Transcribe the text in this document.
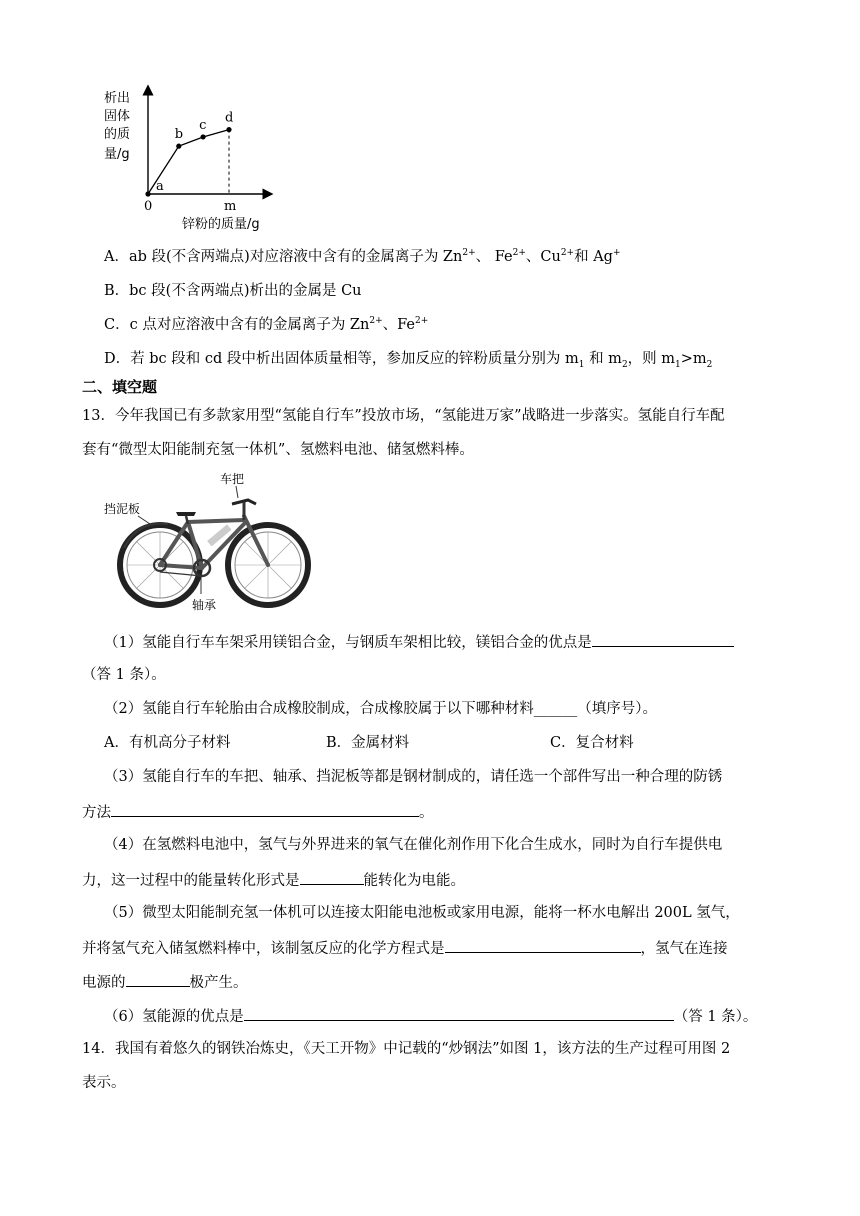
析出
固体
的质
量/g
a
b
c d
0	m
锌粉的质量/g
A．ab 段(不含两端点)对应溶液中含有的金属离子为 $Zn^{2+}$、 $Fe^{2+}$、$Cu^{2+}$和 Ag+
B．bc 段(不含两端点)析出的金属是 Cu
C．c 点对应溶液中含有的金属离子为 $Zn^{2+}$、$Fe^{2+}$
D．若 bc 段和 cd 段中析出固体质量相等，参加反应的锌粉质量分别为 $m_1$ 和 $m_2$，则 $m_1>m_2$
二、填空题
13．今年我国已有多款家用型“氢能自行车”投放市场，“氢能进万家”战略进一步落实。氢能自行车配
套有“微型太阳能制充氢一体机”、氢燃料电池、储氢燃料棒。
车把
挡泥板
轴承
（1）氢能自行车车架采用镁铝合金，与钢质车架相比较，镁铝合金的优点是
（答 1 条）。
（2）氢能自行车轮胎由合成橡胶制成，合成橡胶属于以下哪种材料______（填序号）。
A．有机高分子材料	B．金属材料	C．复合材料
（3）氢能自行车的车把、轴承、挡泥板等都是钢材制成的，请任选一个部件写出一种合理的防锈
方法	。
（4）在氢燃料电池中，氢气与外界进来的氧气在催化剂作用下化合生成水，同时为自行车提供电
力，这一过程中的能量转化形式是	能转化为电能。
（5）微型太阳能制充氢一体机可以连接太阳能电池板或家用电源，能将一杯水电解出 200L 氢气，
并将氢气充入储氢燃料棒中，该制氢反应的化学方程式是	，氢气在连接
电源的	极产生。
（6）氢能源的优点是	（答 1 条）。
14．我国有着悠久的钢铁冶炼史，《天工开物》中记载的“炒钢法”如图 1，该方法的生产过程可用图 2
表示。
